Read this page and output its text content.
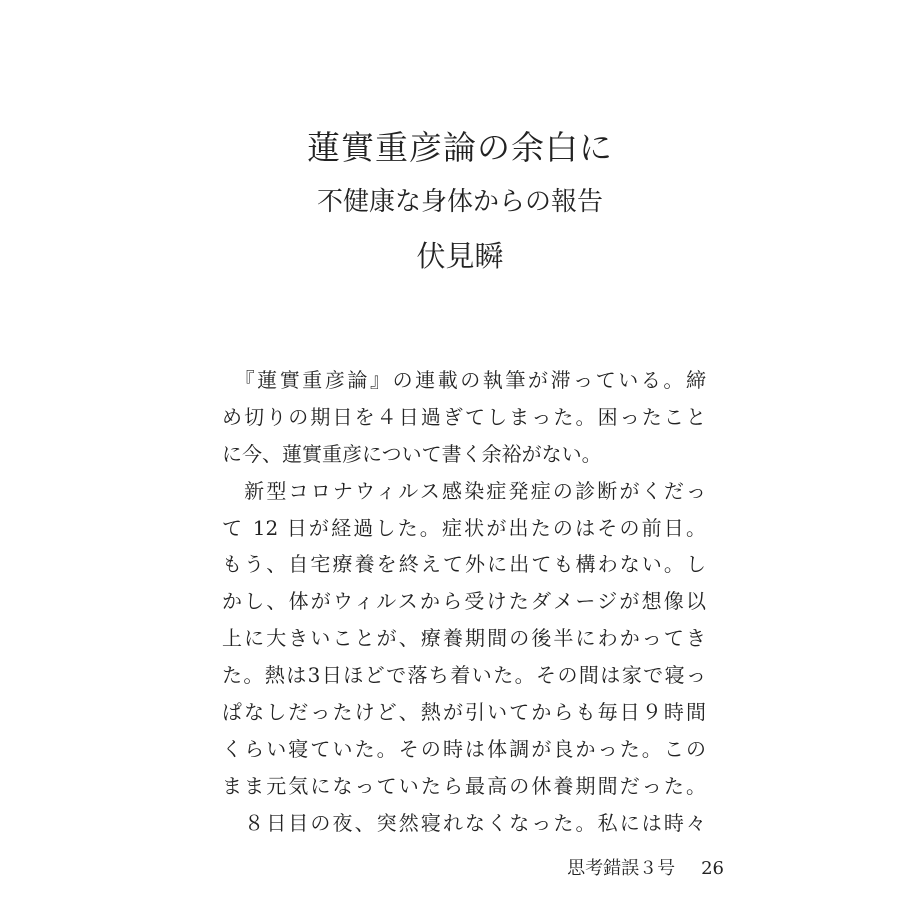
蓮實重彦論の余白に
不健康な身体からの報告
伏見瞬
　『蓮實重彦論』の連載の執筆が滞っている。締
め切りの期日を４日過ぎてしまった。困ったこと
に今、蓮實重彦について書く余裕がない。
　新型コロナウィルス感染症発症の診断がくだっ
て 12 日が経過した。症状が出たのはその前日。
もう、自宅療養を終えて外に出ても構わない。し
かし、体がウィルスから受けたダメージが想像以
上に大きいことが、療養期間の後半にわかってき
た。熱は3日ほどで落ち着いた。その間は家で寝っ
ぱなしだったけど、熱が引いてからも毎日９時間
くらい寝ていた。その時は体調が良かった。この
まま元気になっていたら最高の休養期間だった。
　８日目の夜、突然寝れなくなった。私には時々
思考錯誤３号 26
